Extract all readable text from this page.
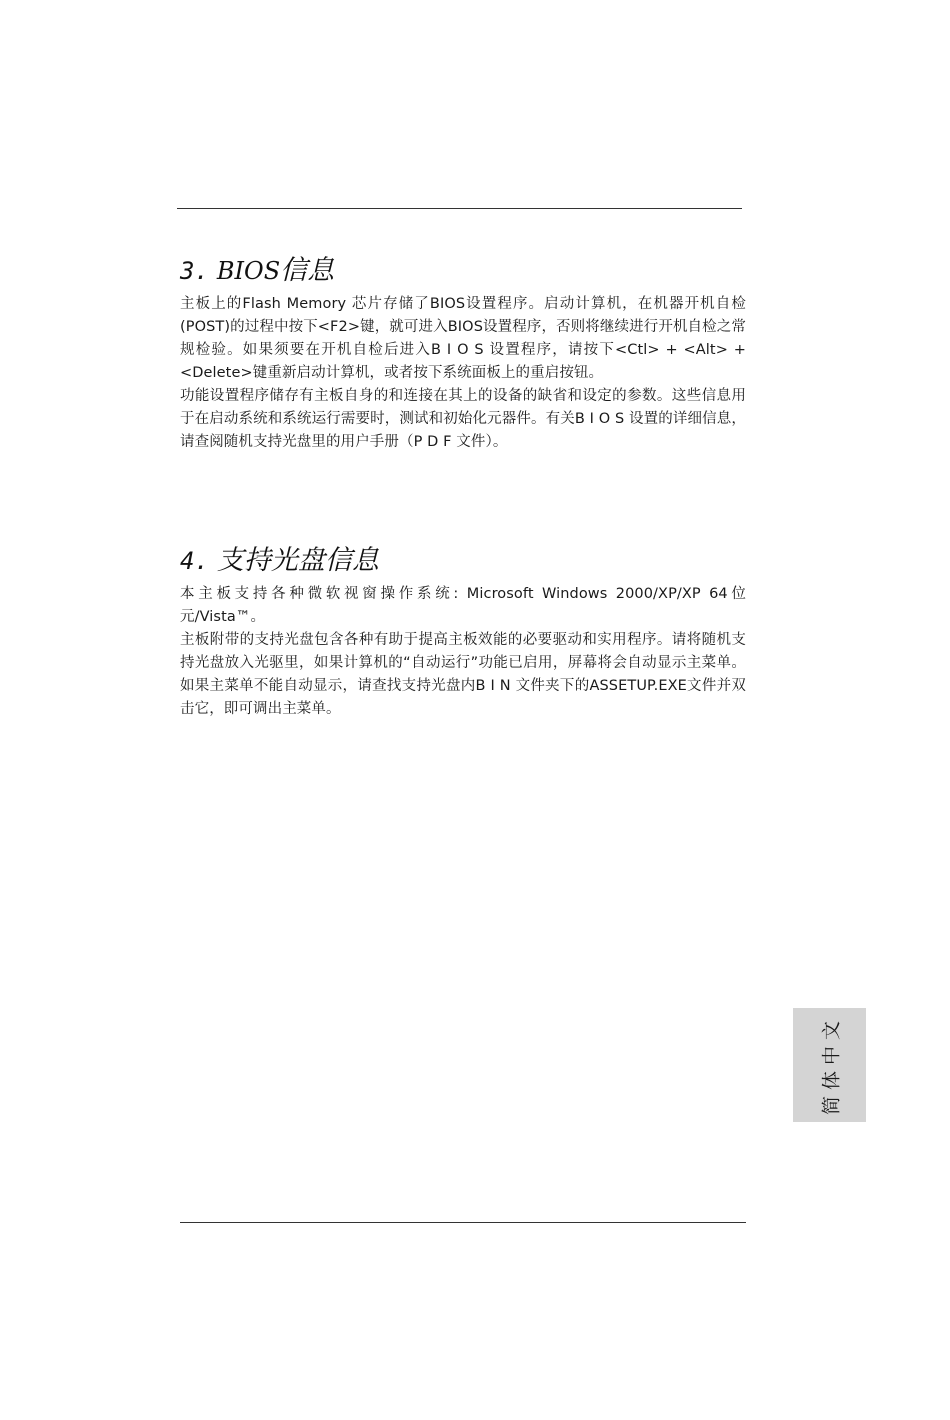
3. BIOS信息

主板上的Flash Memory 芯片存储了BIOS设置程序。启动计算机，在机器开机自检(POST)的过程中按下<F2>键，就可进入BIOS设置程序，否则将继续进行开机自检之常规检验。如果须要在开机自检后进入B I O S 设置程序，请按下<Ctl> + <Alt> + <Delete>键重新启动计算机，或者按下系统面板上的重启按钮。

功能设置程序储存有主板自身的和连接在其上的设备的缺省和设定的参数。这些信息用于在启动系统和系统运行需要时，测试和初始化元器件。有关B I O S 设置的详细信息，请查阅随机支持光盘里的用户手册（P D F 文件）。

4. 支持光盘信息

本主板支持各种微软视窗操作系统: Microsoft Windows 2000/XP/XP 64位元/Vista™。

主板附带的支持光盘包含各种有助于提高主板效能的必要驱动和实用程序。请将随机支持光盘放入光驱里，如果计算机的“自动运行”功能已启用，屏幕将会自动显示主菜单。如果主菜单不能自动显示，请查找支持光盘内B I N 文件夹下的ASSETUP.EXE文件并双击它，即可调出主菜单。

简体中文
